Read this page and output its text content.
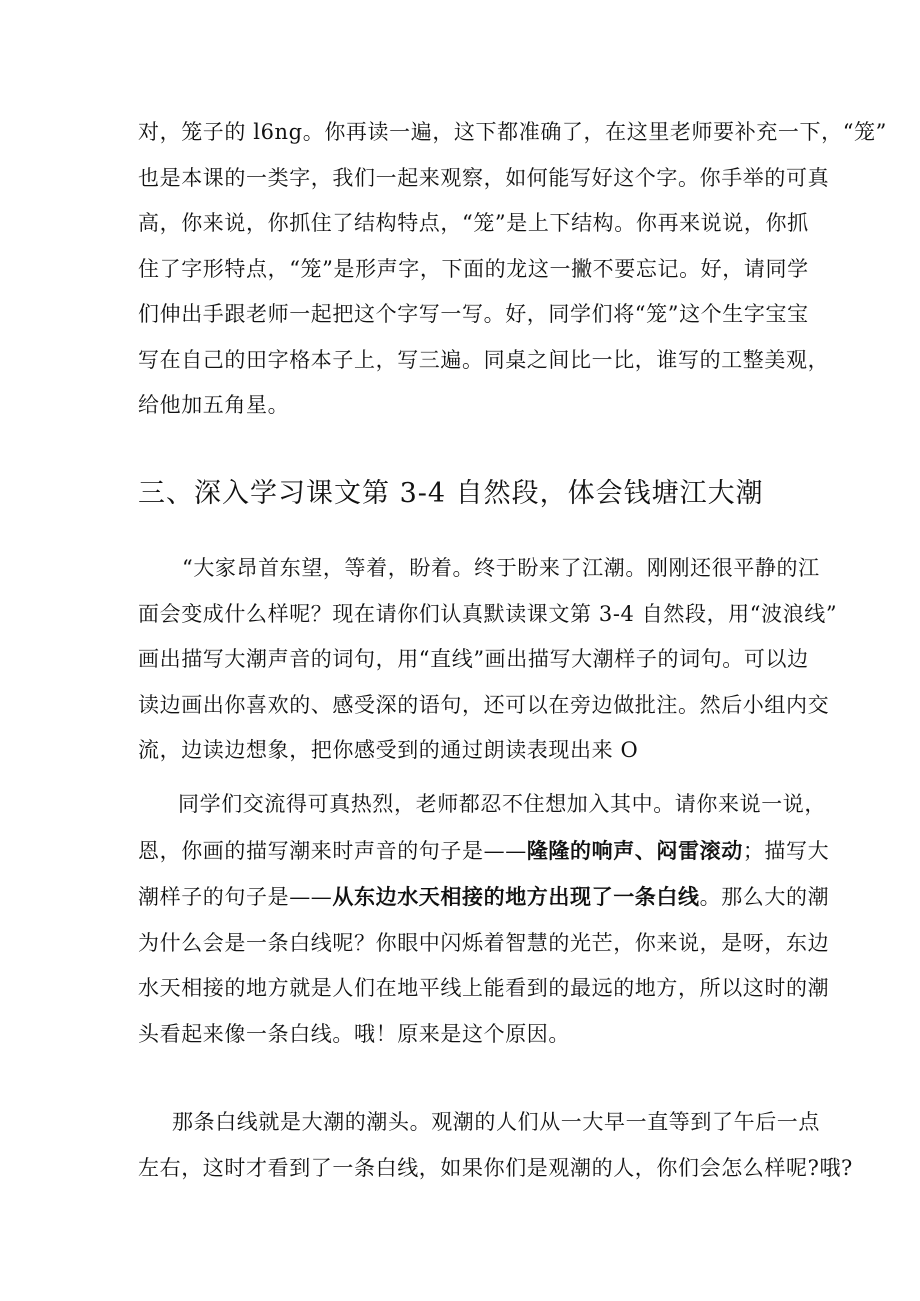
对，笼子的 l6ng。你再读一遍，这下都准确了，在这里老师要补充一下，“笼”
也是本课的一类字，我们一起来观察，如何能写好这个字。你手举的可真
高，你来说，你抓住了结构特点，“笼”是上下结构。你再来说说，你抓
住了字形特点，“笼”是形声字，下面的龙这一撇不要忘记。好，请同学
们伸出手跟老师一起把这个字写一写。好，同学们将“笼”这个生字宝宝
写在自己的田字格本子上，写三遍。同桌之间比一比，谁写的工整美观，
给他加五角星。

三、深入学习课文第 3-4 自然段，体会钱塘江大潮

“大家昂首东望，等着，盼着。终于盼来了江潮。刚刚还很平静的江
面会变成什么样呢？现在请你们认真默读课文第 3-4 自然段，用“波浪线”
画出描写大潮声音的词句，用“直线”画出描写大潮样子的词句。可以边
读边画出你喜欢的、感受深的语句，还可以在旁边做批注。然后小组内交
流，边读边想象，把你感受到的通过朗读表现出来 O

同学们交流得可真热烈，老师都忍不住想加入其中。请你来说一说，
恩，你画的描写潮来时声音的句子是——隆隆的响声、闷雷滚动；描写大
潮样子的句子是——从东边水天相接的地方出现了一条白线。那么大的潮
为什么会是一条白线呢？你眼中闪烁着智慧的光芒，你来说，是呀，东边
水天相接的地方就是人们在地平线上能看到的最远的地方，所以这时的潮
头看起来像一条白线。哦！原来是这个原因。

那条白线就是大潮的潮头。观潮的人们从一大早一直等到了午后一点
左右，这时才看到了一条白线，如果你们是观潮的人，你们会怎么样呢?哦?
